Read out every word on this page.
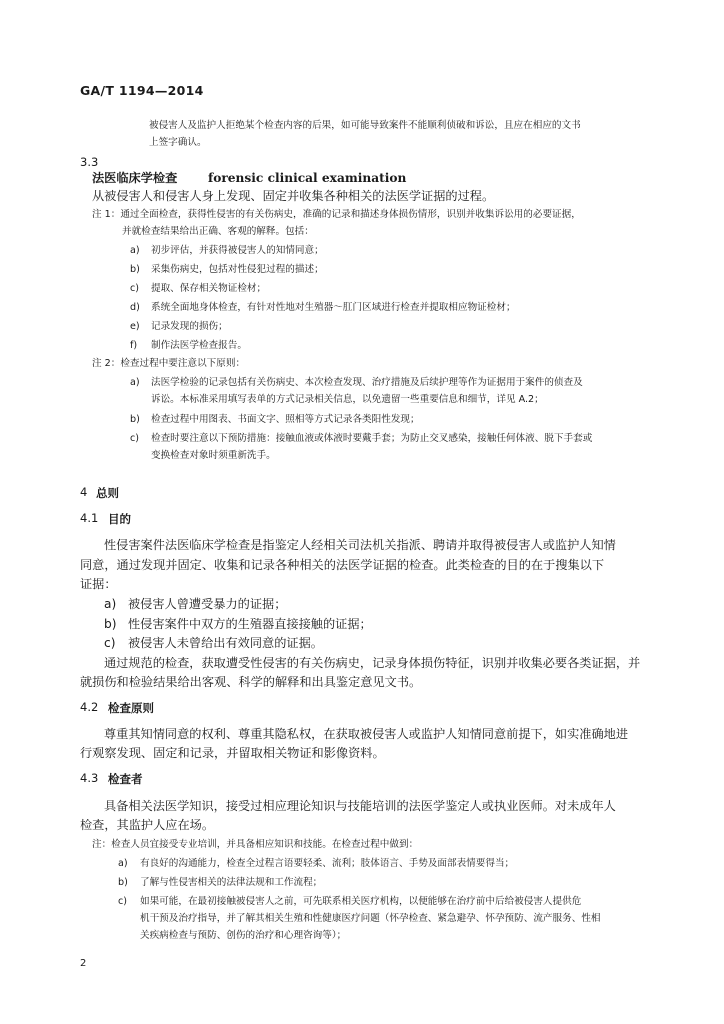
GA/T 1194—2014
被侵害人及监护人拒绝某个检查内容的后果，如可能导致案件不能顺利侦破和诉讼，且应在相应的文书
上签字确认。
3.3
法医临床学检查	forensic clinical examination
从被侵害人和侵害人身上发现、固定并收集各种相关的法医学证据的过程。
注 1：通过全面检查，获得性侵害的有关伤病史，准确的记录和描述身体损伤情形，识别并收集诉讼用的必要证据，
并就检查结果给出正确、客观的解释。包括：
a) 初步评估，并获得被侵害人的知情同意；
b) 采集伤病史，包括对性侵犯过程的描述；
c) 提取、保存相关物证检材；
d) 系统全面地身体检查，有针对性地对生殖器～肛门区域进行检查并提取相应物证检材；
e) 记录发现的损伤；
f) 制作法医学检查报告。
注 2：检查过程中要注意以下原则：
a) 法医学检验的记录包括有关伤病史、本次检查发现、治疗措施及后续护理等作为证据用于案件的侦查及
诉讼。本标准采用填写表单的方式记录相关信息，以免遗留一些重要信息和细节，详见 A.2；
b) 检查过程中用图表、书面文字、照相等方式记录各类阳性发现；
c) 检查时要注意以下预防措施：接触血液或体液时要戴手套；为防止交叉感染，接触任何体液、脱下手套或
变换检查对象时须重新洗手。
4 总则
4.1 目的
性侵害案件法医临床学检查是指鉴定人经相关司法机关指派、聘请并取得被侵害人或监护人知情
同意，通过发现并固定、收集和记录各种相关的法医学证据的检查。此类检查的目的在于搜集以下
证据：
a) 被侵害人曾遭受暴力的证据；
b) 性侵害案件中双方的生殖器直接接触的证据；
c) 被侵害人未曾给出有效同意的证据。
通过规范的检查，获取遭受性侵害的有关伤病史，记录身体损伤特征，识别并收集必要各类证据，并
就损伤和检验结果给出客观、科学的解释和出具鉴定意见文书。
4.2 检查原则
尊重其知情同意的权利、尊重其隐私权，在获取被侵害人或监护人知情同意前提下，如实准确地进
行观察发现、固定和记录，并留取相关物证和影像资料。
4.3 检查者
具备相关法医学知识，接受过相应理论知识与技能培训的法医学鉴定人或执业医师。对未成年人
检查，其监护人应在场。
注：检查人员宜接受专业培训，并具备相应知识和技能。在检查过程中做到：
a) 有良好的沟通能力，检查全过程言语要轻柔、流利；肢体语言、手势及面部表情要得当；
b) 了解与性侵害相关的法律法规和工作流程；
c) 如果可能，在最初接触被侵害人之前，可先联系相关医疗机构，以便能够在治疗前中后给被侵害人提供危
机干预及治疗指导，并了解其相关生殖和性健康医疗问题（怀孕检查、紧急避孕、怀孕预防、流产服务、性相
关疾病检查与预防、创伤的治疗和心理咨询等）；
2
